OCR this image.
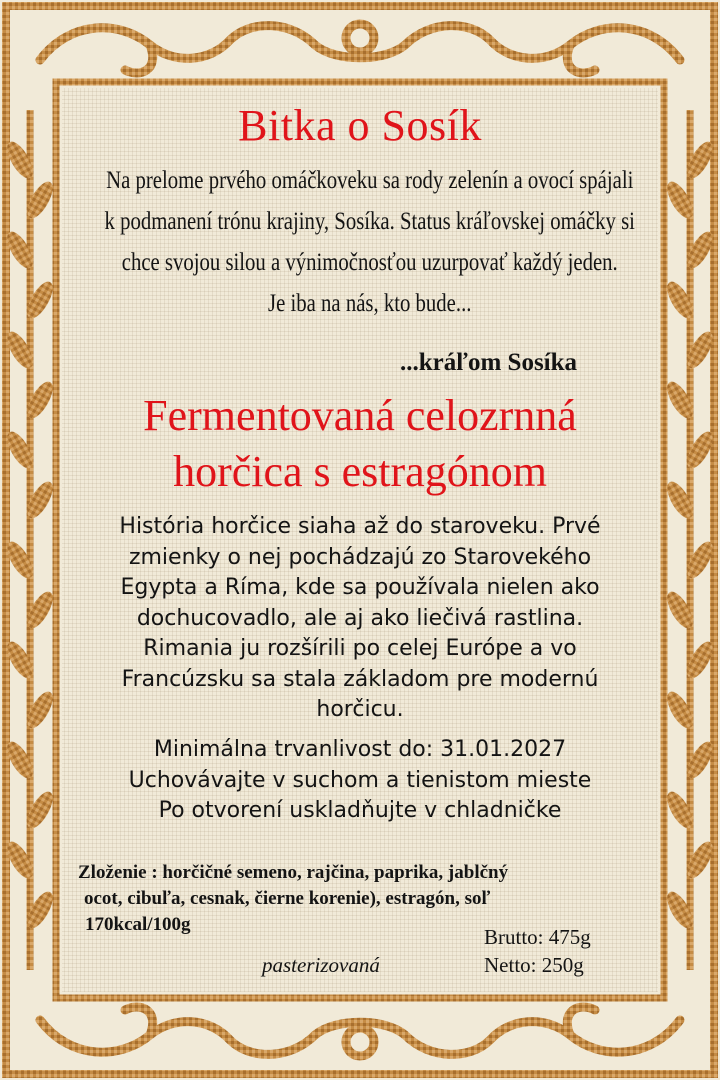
Bitka o Sosík
Na prelome prvého omáčkoveku sa rody zelenín a ovocí spájali
k podmanení trónu krajiny, Sosíka. Status kráľovskej omáčky si
chce svojou silou a výnimočnosťou uzurpovať každý jeden.
Je iba na nás, kto bude...
...kráľom Sosíka
Fermentovaná celozrnná
horčica s estragónom
História horčice siaha až do staroveku. Prvé
zmienky o nej pochádzajú zo Starovekého
Egypta a Ríma, kde sa používala nielen ako
dochucovadlo, ale aj ako liečivá rastlina.
Rimania ju rozšírili po celej Európe a vo
Francúzsku sa stala základom pre modernú
horčicu.
Minimálna trvanlivost do: 31.01.2027
Uchovávajte v suchom a tienistom mieste
Po otvorení uskladňujte v chladničke
Zloženie : horčičné semeno, rajčina, paprika, jablčný
ocot, cibuľa, cesnak, čierne korenie), estragón, soľ
170kcal/100g
Brutto: 475g
Netto: 250g
pasterizovaná
